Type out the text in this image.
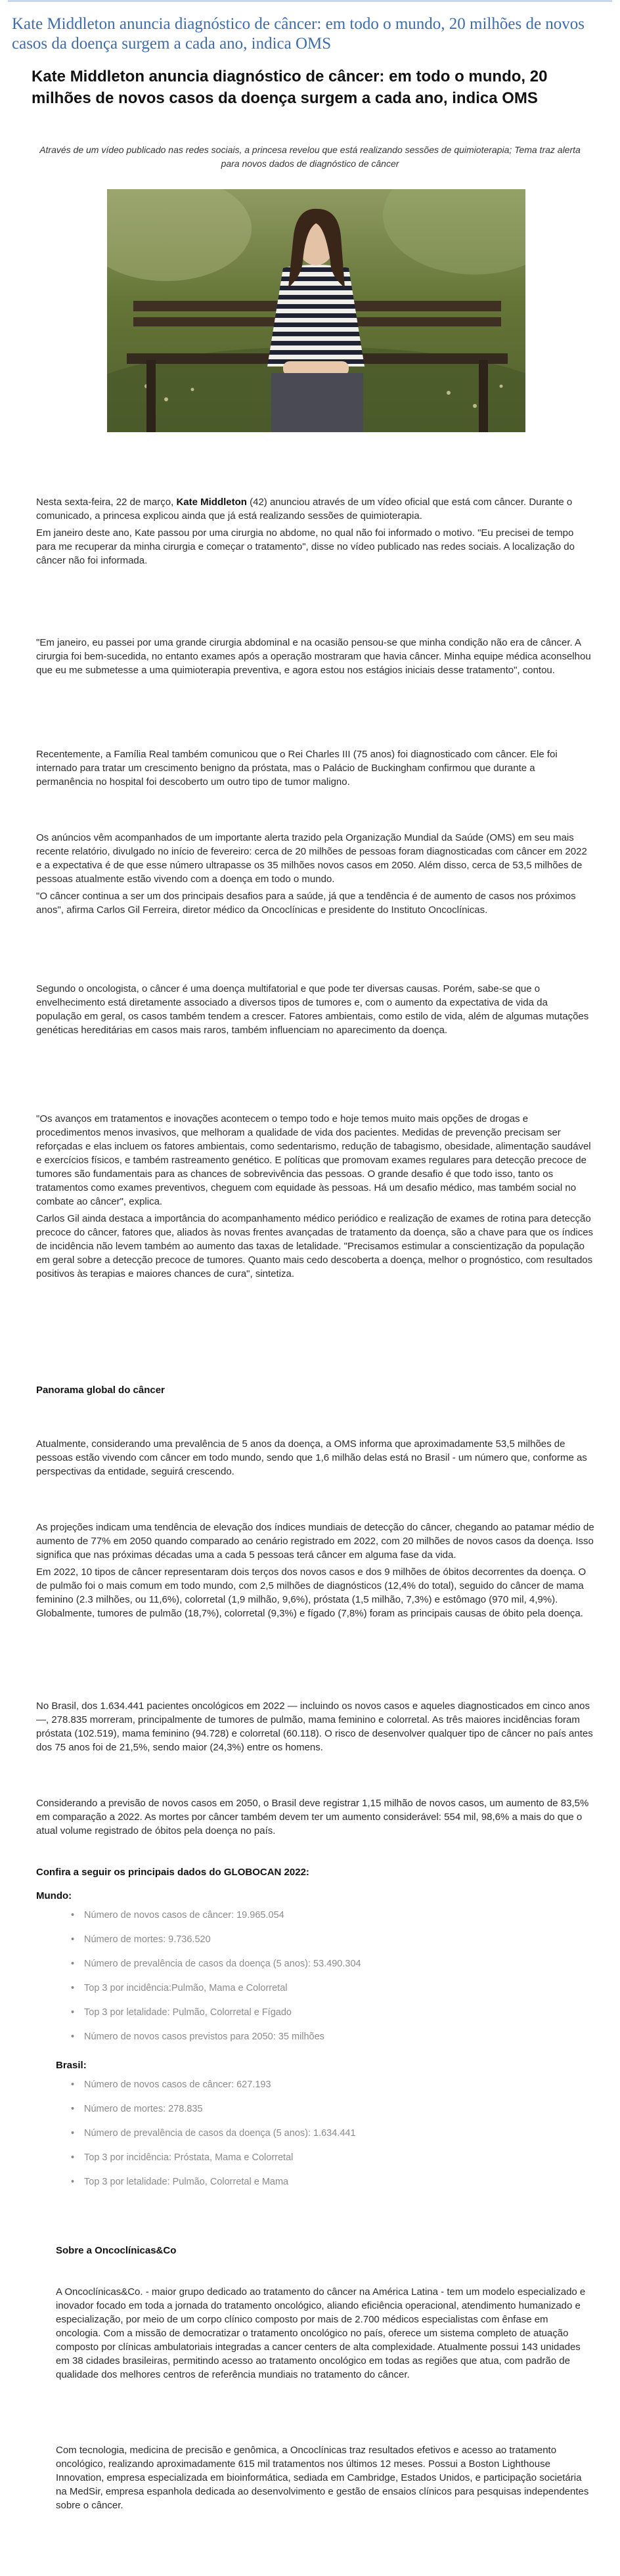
Kate Middleton anuncia diagnóstico de câncer: em todo o mundo, 20 milhões de novos casos da doença surgem a cada ano, indica OMS
Kate Middleton anuncia diagnóstico de câncer: em todo o mundo, 20 milhões de novos casos da doença surgem a cada ano, indica OMS

Através de um vídeo publicado nas redes sociais, a princesa revelou que está realizando sessões de quimioterapia; Tema traz alerta para novos dados de diagnóstico de câncer

Nesta sexta-feira, 22 de março, Kate Middleton (42) anunciou através de um vídeo oficial que está com câncer. Durante o comunicado, a princesa explicou ainda que já está realizando sessões de quimioterapia.

Em janeiro deste ano, Kate passou por uma cirurgia no abdome, no qual não foi informado o motivo. "Eu precisei de tempo para me recuperar da minha cirurgia e começar o tratamento", disse no vídeo publicado nas redes sociais. A localização do câncer não foi informada.

"Em janeiro, eu passei por uma grande cirurgia abdominal e na ocasião pensou-se que minha condição não era de câncer. A cirurgia foi bem-sucedida, no entanto exames após a operação mostraram que havia câncer. Minha equipe médica aconselhou que eu me submetesse a uma quimioterapia preventiva, e agora estou nos estágios iniciais desse tratamento", contou.

Recentemente, a Família Real também comunicou que o Rei Charles III (75 anos) foi diagnosticado com câncer. Ele foi internado para tratar um crescimento benigno da próstata, mas o Palácio de Buckingham confirmou que durante a permanência no hospital foi descoberto um outro tipo de tumor maligno.

Os anúncios vêm acompanhados de um importante alerta trazido pela Organização Mundial da Saúde (OMS) em seu mais recente relatório, divulgado no início de fevereiro: cerca de 20 milhões de pessoas foram diagnosticadas com câncer em 2022 e a expectativa é de que esse número ultrapasse os 35 milhões novos casos em 2050. Além disso, cerca de 53,5 milhões de pessoas atualmente estão vivendo com a doença em todo o mundo.

"O câncer continua a ser um dos principais desafios para a saúde, já que a tendência é de aumento de casos nos próximos anos", afirma Carlos Gil Ferreira, diretor médico da Oncoclínicas e presidente do Instituto Oncoclínicas.

Segundo o oncologista, o câncer é uma doença multifatorial e que pode ter diversas causas. Porém, sabe-se que o envelhecimento está diretamente associado a diversos tipos de tumores e, com o aumento da expectativa de vida da população em geral, os casos também tendem a crescer. Fatores ambientais, como estilo de vida, além de algumas mutações genéticas hereditárias em casos mais raros, também influenciam no aparecimento da doença.

"Os avanços em tratamentos e inovações acontecem o tempo todo e hoje temos muito mais opções de drogas e procedimentos menos invasivos, que melhoram a qualidade de vida dos pacientes. Medidas de prevenção precisam ser reforçadas e elas incluem os fatores ambientais, como sedentarismo, redução de tabagismo, obesidade, alimentação saudável e exercícios físicos, e também rastreamento genético. E políticas que promovam exames regulares para detecção precoce de tumores são fundamentais para as chances de sobrevivência das pessoas. O grande desafio é que todo isso, tanto os tratamentos como exames preventivos, cheguem com equidade às pessoas. Há um desafio médico, mas também social no combate ao câncer", explica.

Carlos Gil ainda destaca a importância do acompanhamento médico periódico e realização de exames de rotina para detecção precoce do câncer, fatores que, aliados às novas frentes avançadas de tratamento da doença, são a chave para que os índices de incidência não levem também ao aumento das taxas de letalidade. "Precisamos estimular a conscientização da população em geral sobre a detecção precoce de tumores. Quanto mais cedo descoberta a doença, melhor o prognóstico, com resultados positivos às terapias e maiores chances de cura", sintetiza.

Panorama global do câncer

Atualmente, considerando uma prevalência de 5 anos da doença, a OMS informa que aproximadamente 53,5 milhões de pessoas estão vivendo com câncer em todo mundo, sendo que 1,6 milhão delas está no Brasil - um número que, conforme as perspectivas da entidade, seguirá crescendo.

As projeções indicam uma tendência de elevação dos índices mundiais de detecção do câncer, chegando ao patamar médio de aumento de 77% em 2050 quando comparado ao cenário registrado em 2022, com 20 milhões de novos casos da doença. Isso significa que nas próximas décadas uma a cada 5 pessoas terá câncer em alguma fase da vida.

Em 2022, 10 tipos de câncer representaram dois terços dos novos casos e dos 9 milhões de óbitos decorrentes da doença. O de pulmão foi o mais comum em todo mundo, com 2,5 milhões de diagnósticos (12,4% do total), seguido do câncer de mama feminino (2.3 milhões, ou 11,6%), colorretal (1,9 milhão, 9,6%), próstata (1,5 milhão, 7,3%) e estômago (970 mil, 4,9%). Globalmente, tumores de pulmão (18,7%), colorretal (9,3%) e fígado (7,8%) foram as principais causas de óbito pela doença.

No Brasil, dos 1.634.441 pacientes oncológicos em 2022 — incluindo os novos casos e aqueles diagnosticados em cinco anos —, 278.835 morreram, principalmente de tumores de pulmão, mama feminino e colorretal. As três maiores incidências foram próstata (102.519), mama feminino (94.728) e colorretal (60.118). O risco de desenvolver qualquer tipo de câncer no país antes dos 75 anos foi de 21,5%, sendo maior (24,3%) entre os homens.

Considerando a previsão de novos casos em 2050, o Brasil deve registrar 1,15 milhão de novos casos, um aumento de 83,5% em comparação a 2022. As mortes por câncer também devem ter um aumento considerável: 554 mil, 98,6% a mais do que o atual volume registrado de óbitos pela doença no país.

Confira a seguir os principais dados do GLOBOCAN 2022:
Mundo:
• Número de novos casos de câncer: 19.965.054
• Número de mortes: 9.736.520
• Número de prevalência de casos da doença (5 anos): 53.490.304
• Top 3 por incidência:Pulmão, Mama e Colorretal
• Top 3 por letalidade: Pulmão, Colorretal e Fígado
• Número de novos casos previstos para 2050: 35 milhões
Brasil:
• Número de novos casos de câncer: 627.193
• Número de mortes: 278.835
• Número de prevalência de casos da doença (5 anos): 1.634.441
• Top 3 por incidência: Próstata, Mama e Colorretal
• Top 3 por letalidade: Pulmão, Colorretal e Mama
Sobre a Oncoclínicas&Co

A Oncoclínicas&Co. - maior grupo dedicado ao tratamento do câncer na América Latina - tem um modelo especializado e inovador focado em toda a jornada do tratamento oncológico, aliando eficiência operacional, atendimento humanizado e especialização, por meio de um corpo clínico composto por mais de 2.700 médicos especialistas com ênfase em oncologia. Com a missão de democratizar o tratamento oncológico no país, oferece um sistema completo de atuação composto por clínicas ambulatoriais integradas a cancer centers de alta complexidade. Atualmente possui 143 unidades em 38 cidades brasileiras, permitindo acesso ao tratamento oncológico em todas as regiões que atua, com padrão de qualidade dos melhores centros de referência mundiais no tratamento do câncer.

Com tecnologia, medicina de precisão e genômica, a Oncoclínicas traz resultados efetivos e acesso ao tratamento oncológico, realizando aproximadamente 615 mil tratamentos nos últimos 12 meses. Possui a Boston Lighthouse Innovation, empresa especializada em bioinformática, sediada em Cambridge, Estados Unidos, e participação societária na MedSir, empresa espanhola dedicada ao desenvolvimento e gestão de ensaios clínicos para pesquisas independentes sobre o câncer.
